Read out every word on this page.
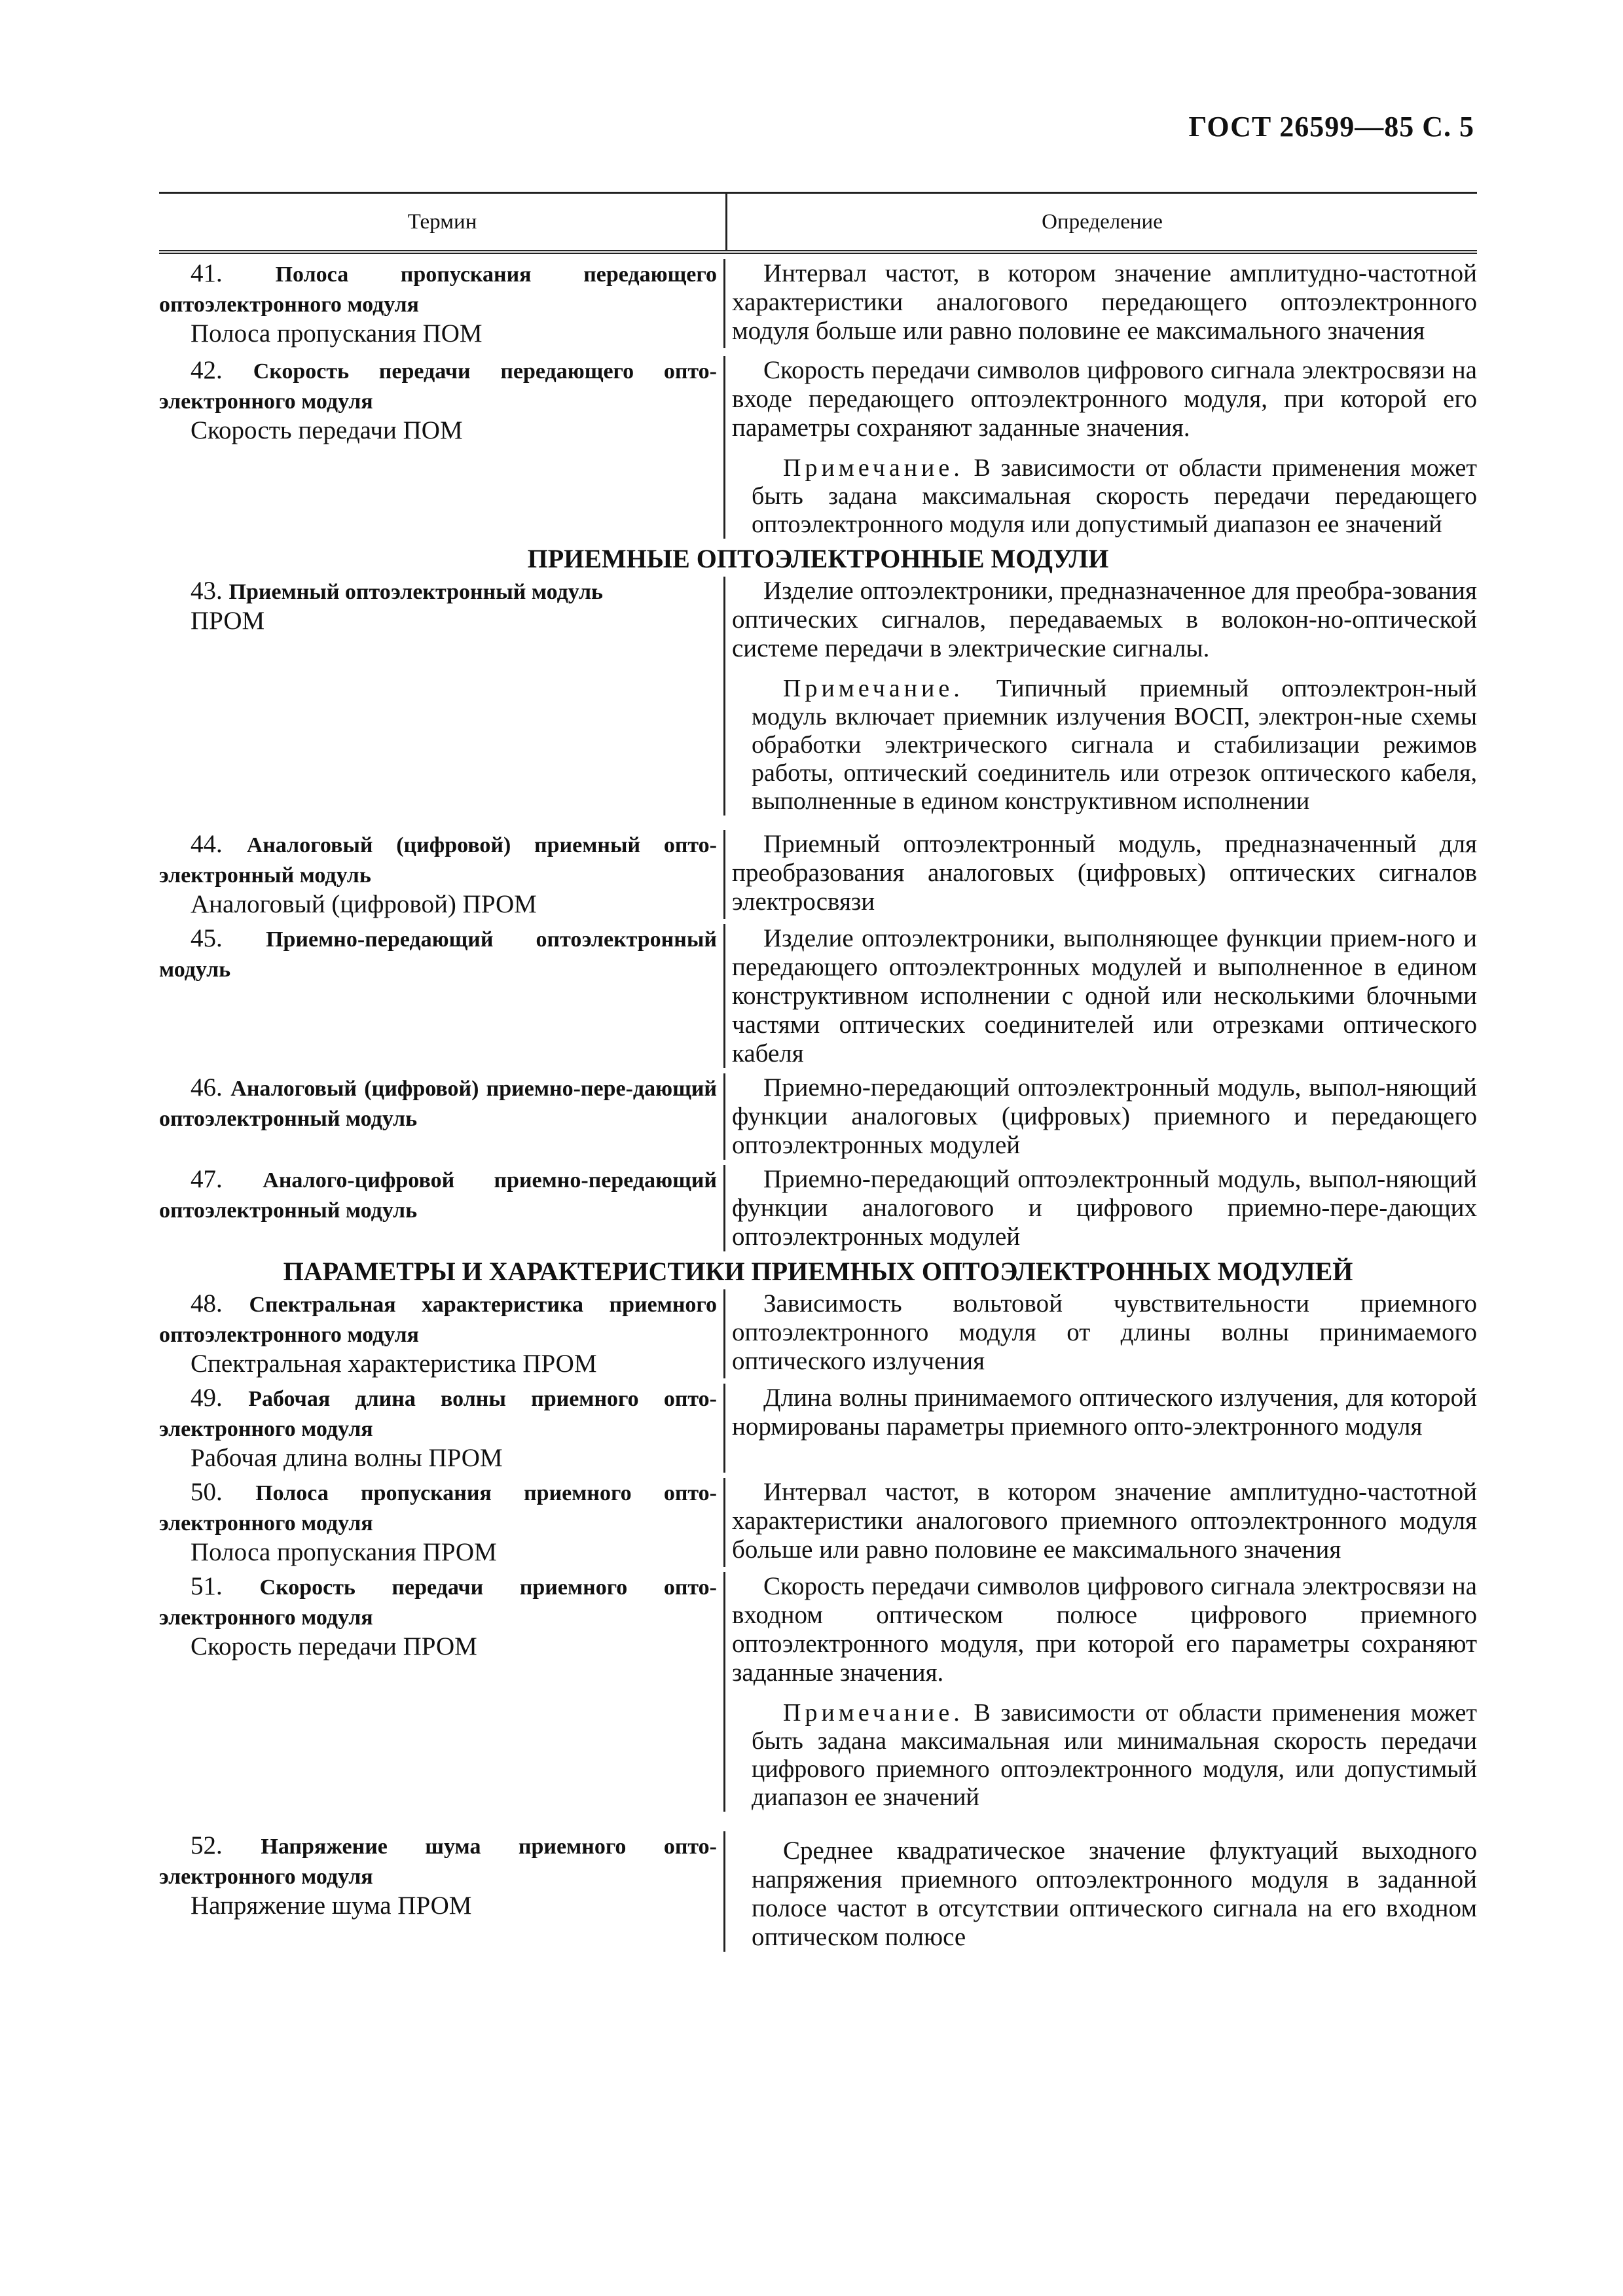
ГОСТ 26599—85 С. 5
Термин	Определение
41. Полоса пропускания передающего оптоэлектронного модуля
Полоса пропускания ПОМ
Интервал частот, в котором значение амплитудно-частотной характеристики аналогового передающего оптоэлектронного модуля больше или равно половине ее максимального значения
42. Скорость передачи передающего опто-электронного модуля
Скорость передачи ПОМ
Скорость передачи символов цифрового сигнала электросвязи на входе передающего оптоэлектронного модуля, при которой его параметры сохраняют заданные значения.
Примечание. В зависимости от области применения может быть задана максимальная скорость передачи передающего оптоэлектронного модуля или допустимый диапазон ее значений
ПРИЕМНЫЕ ОПТОЭЛЕКТРОННЫЕ МОДУЛИ
43. Приемный оптоэлектронный модуль
ПРОМ
Изделие оптоэлектроники, предназначенное для преобра-зования оптических сигналов, передаваемых в волокон-но-оптической системе передачи в электрические сигналы.
Примечание. Типичный приемный оптоэлектрон-ный модуль включает приемник излучения ВОСП, электрон-ные схемы обработки электрического сигнала и стабилизации режимов работы, оптический соединитель или отрезок оптического кабеля, выполненные в едином конструктивном исполнении
44. Аналоговый (цифровой) приемный опто-электронный модуль
Аналоговый (цифровой) ПРОМ
Приемный оптоэлектронный модуль, предназначенный для преобразования аналоговых (цифровых) оптических сигналов электросвязи
45. Приемно-передающий оптоэлектронный модуль
Изделие оптоэлектроники, выполняющее функции прием-ного и передающего оптоэлектронных модулей и выполненное в едином конструктивном исполнении с одной или несколькими блочными частями оптических соединителей или отрезками оптического кабеля
46. Аналоговый (цифровой) приемно-пере-дающий оптоэлектронный модуль
Приемно-передающий оптоэлектронный модуль, выпол-няющий функции аналоговых (цифровых) приемного и передающего оптоэлектронных модулей
47. Аналого-цифровой приемно-передающий оптоэлектронный модуль
Приемно-передающий оптоэлектронный модуль, выпол-няющий функции аналогового и цифрового приемно-пере-дающих оптоэлектронных модулей
ПАРАМЕТРЫ И ХАРАКТЕРИСТИКИ ПРИЕМНЫХ ОПТОЭЛЕКТРОННЫХ МОДУЛЕЙ
48. Спектральная характеристика приемного оптоэлектронного модуля
Спектральная характеристика ПРОМ
Зависимость вольтовой чувствительности приемного оптоэлектронного модуля от длины волны принимаемого оптического излучения
49. Рабочая длина волны приемного опто-электронного модуля
Рабочая длина волны ПРОМ
Длина волны принимаемого оптического излучения, для которой нормированы параметры приемного опто-электронного модуля
50. Полоса пропускания приемного опто-электронного модуля
Полоса пропускания ПРОМ
Интервал частот, в котором значение амплитудно-частотной характеристики аналогового приемного оптоэлектронного модуля больше или равно половине ее максимального значения
51. Скорость передачи приемного опто-электронного модуля
Скорость передачи ПРОМ
Скорость передачи символов цифрового сигнала электросвязи на входном оптическом полюсе цифрового приемного оптоэлектронного модуля, при которой его параметры сохраняют заданные значения.
Примечание. В зависимости от области применения может быть задана максимальная или минимальная скорость передачи цифрового приемного оптоэлектронного модуля, или допустимый диапазон ее значений
52. Напряжение шума приемного опто-электронного модуля
Напряжение шума ПРОМ
Среднее квадратическое значение флуктуаций выходного напряжения приемного оптоэлектронного модуля в заданной полосе частот в отсутствии оптического сигнала на его входном оптическом полюсе
